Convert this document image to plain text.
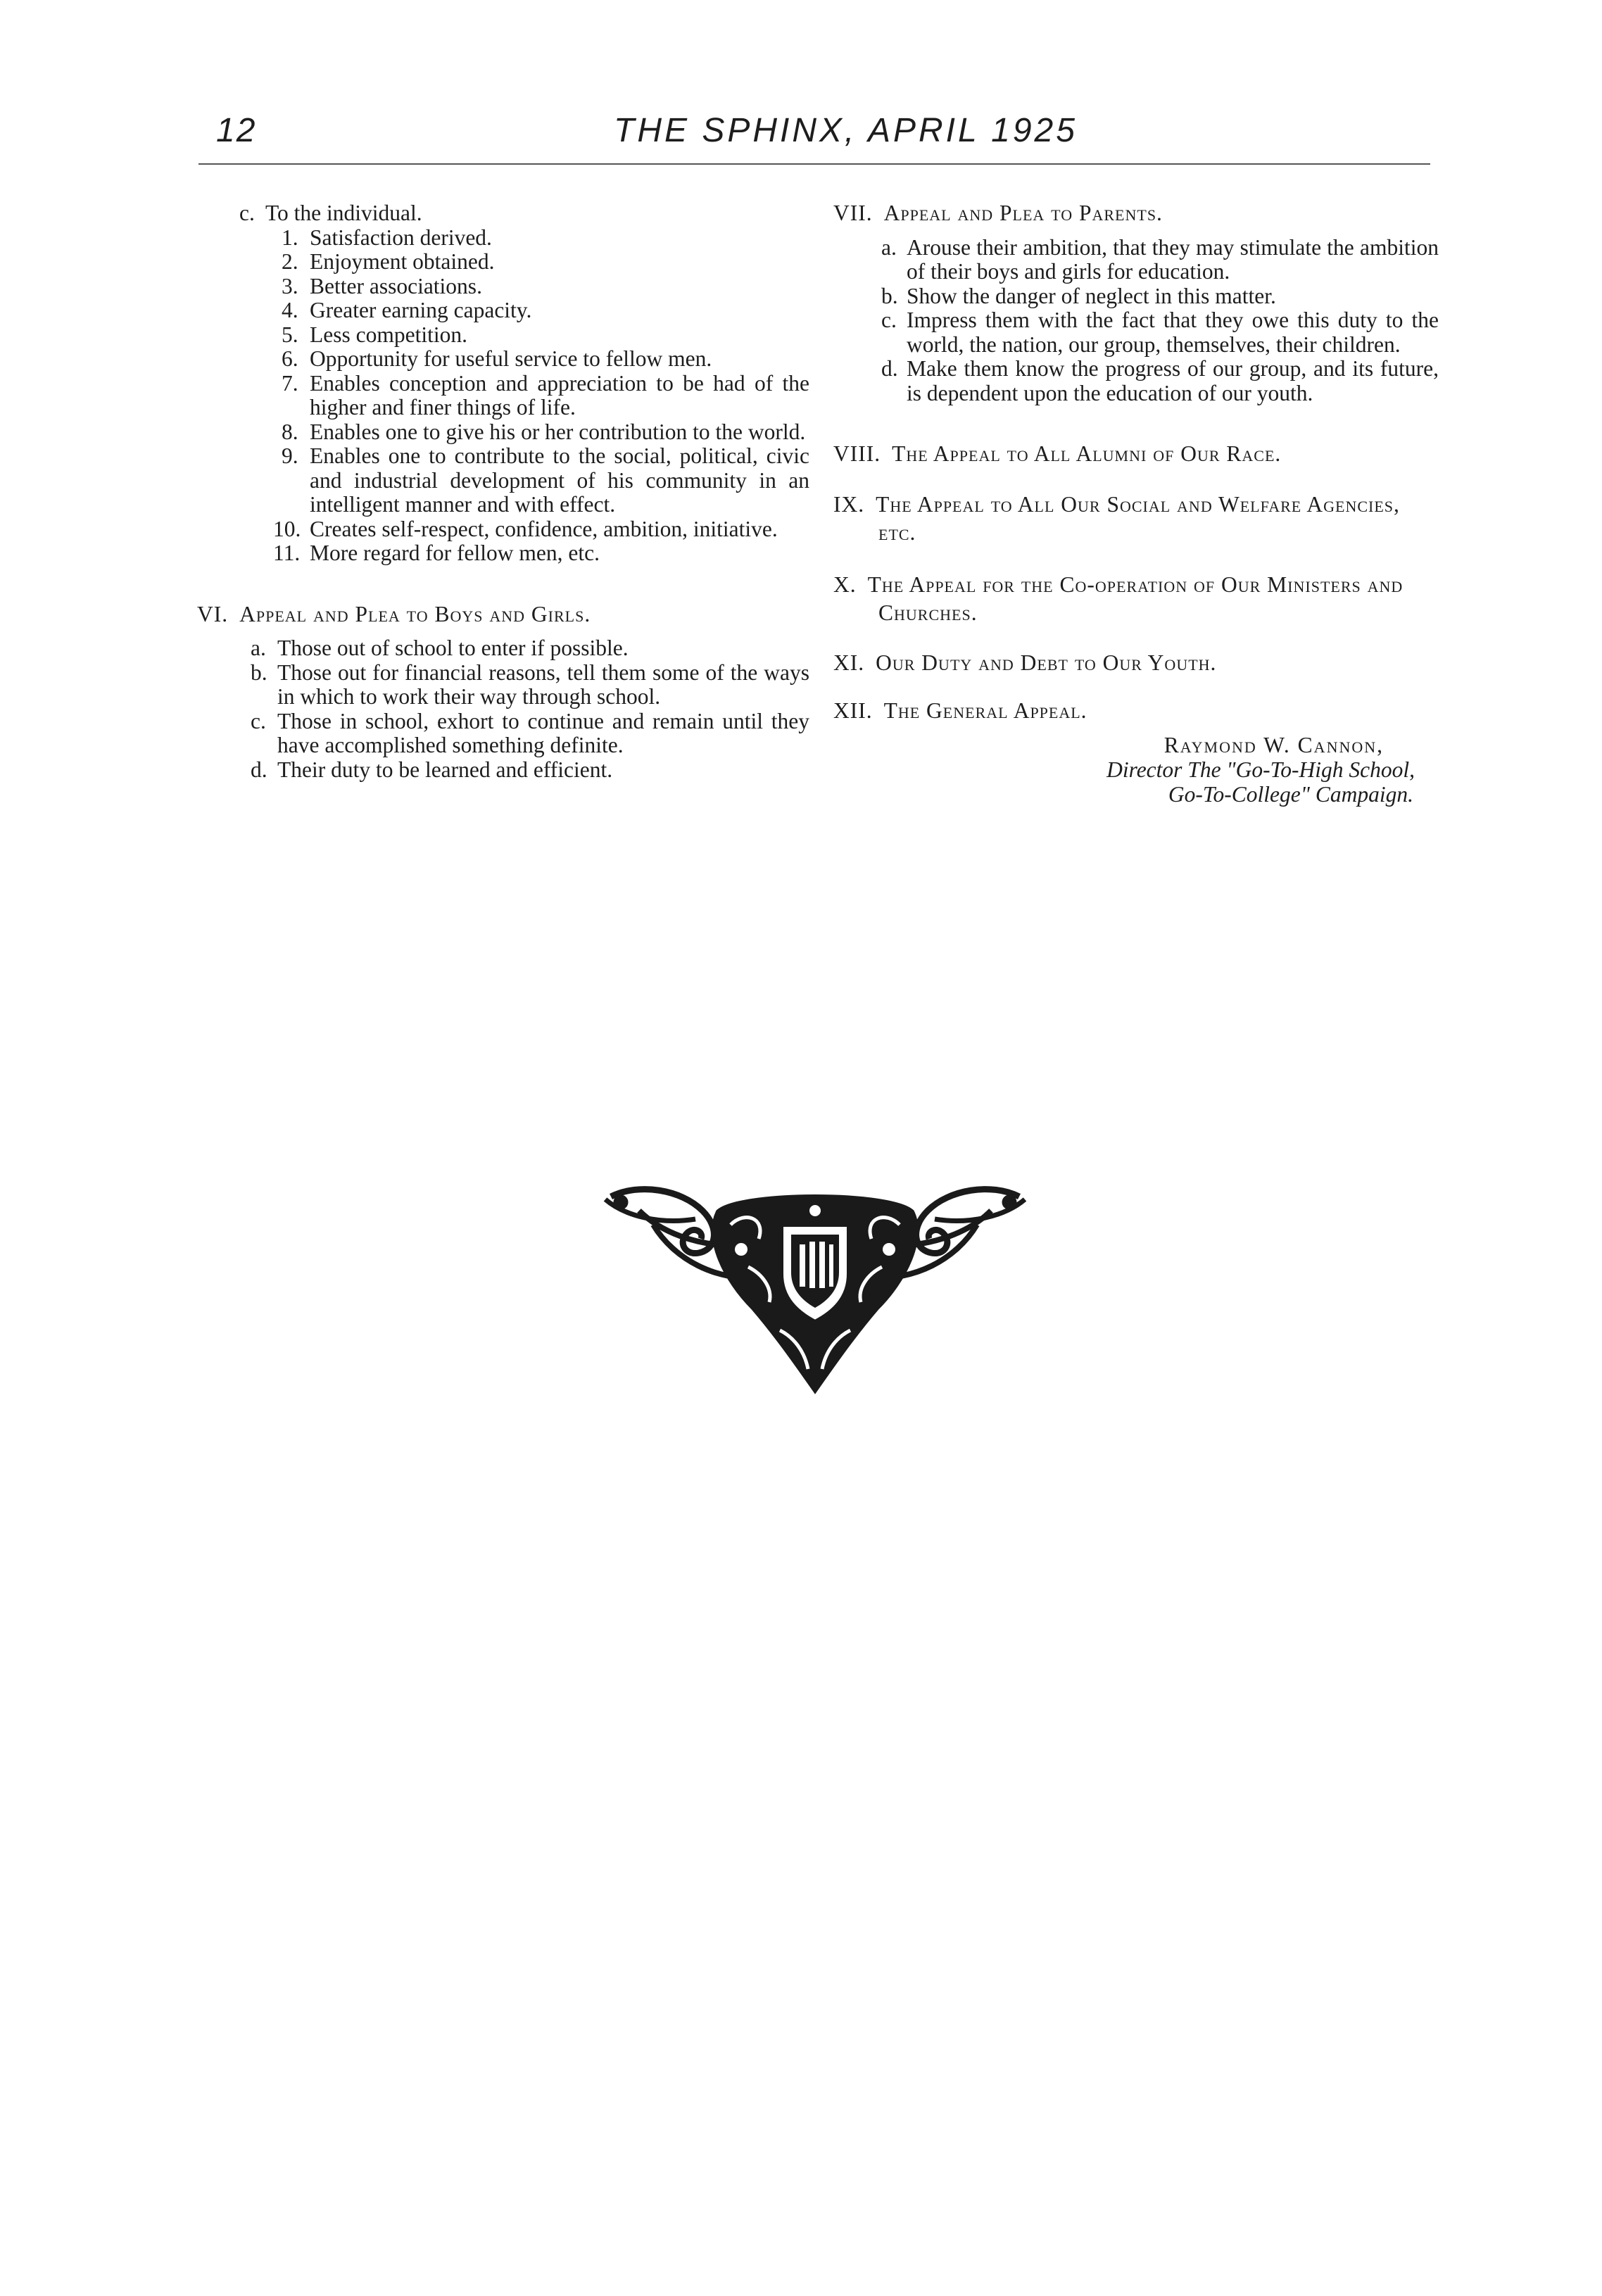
12	THE SPHINX, APRIL 1925
c. To the individual.
1. Satisfaction derived.
2. Enjoyment obtained.
3. Better associations.
4. Greater earning capacity.
5. Less competition.
6. Opportunity for useful service to fellow men.
7. Enables conception and appreciation to be had of the higher and finer things of life.
8. Enables one to give his or her contribution to the world.
9. Enables one to contribute to the social, political, civic and industrial development of his community in an intelligent manner and with effect.
10. Creates self-respect, confidence, ambition, initiative.
11. More regard for fellow men, etc.
VI. Appeal and Plea to Boys and Girls.
a. Those out of school to enter if possible.
b. Those out for financial reasons, tell them some of the ways in which to work their way through school.
c. Those in school, exhort to continue and remain until they have accomplished something definite.
d. Their duty to be learned and efficient.
VII. Appeal and Plea to Parents.
a. Arouse their ambition, that they may stimulate the ambition of their boys and girls for education.
b. Show the danger of neglect in this matter.
c. Impress them with the fact that they owe this duty to the world, the nation, our group, themselves, their children.
d. Make them know the progress of our group, and its future, is dependent upon the education of our youth.
VIII. The Appeal to All Alumni of Our Race.
IX. The Appeal to All Our Social and Welfare Agencies, etc.
X. The Appeal for the Co-operation of Our Ministers and Churches.
XI. Our Duty and Debt to Our Youth.
XII. The General Appeal.
Raymond W. Cannon,
Director The "Go-To-High School,
Go-To-College" Campaign.
